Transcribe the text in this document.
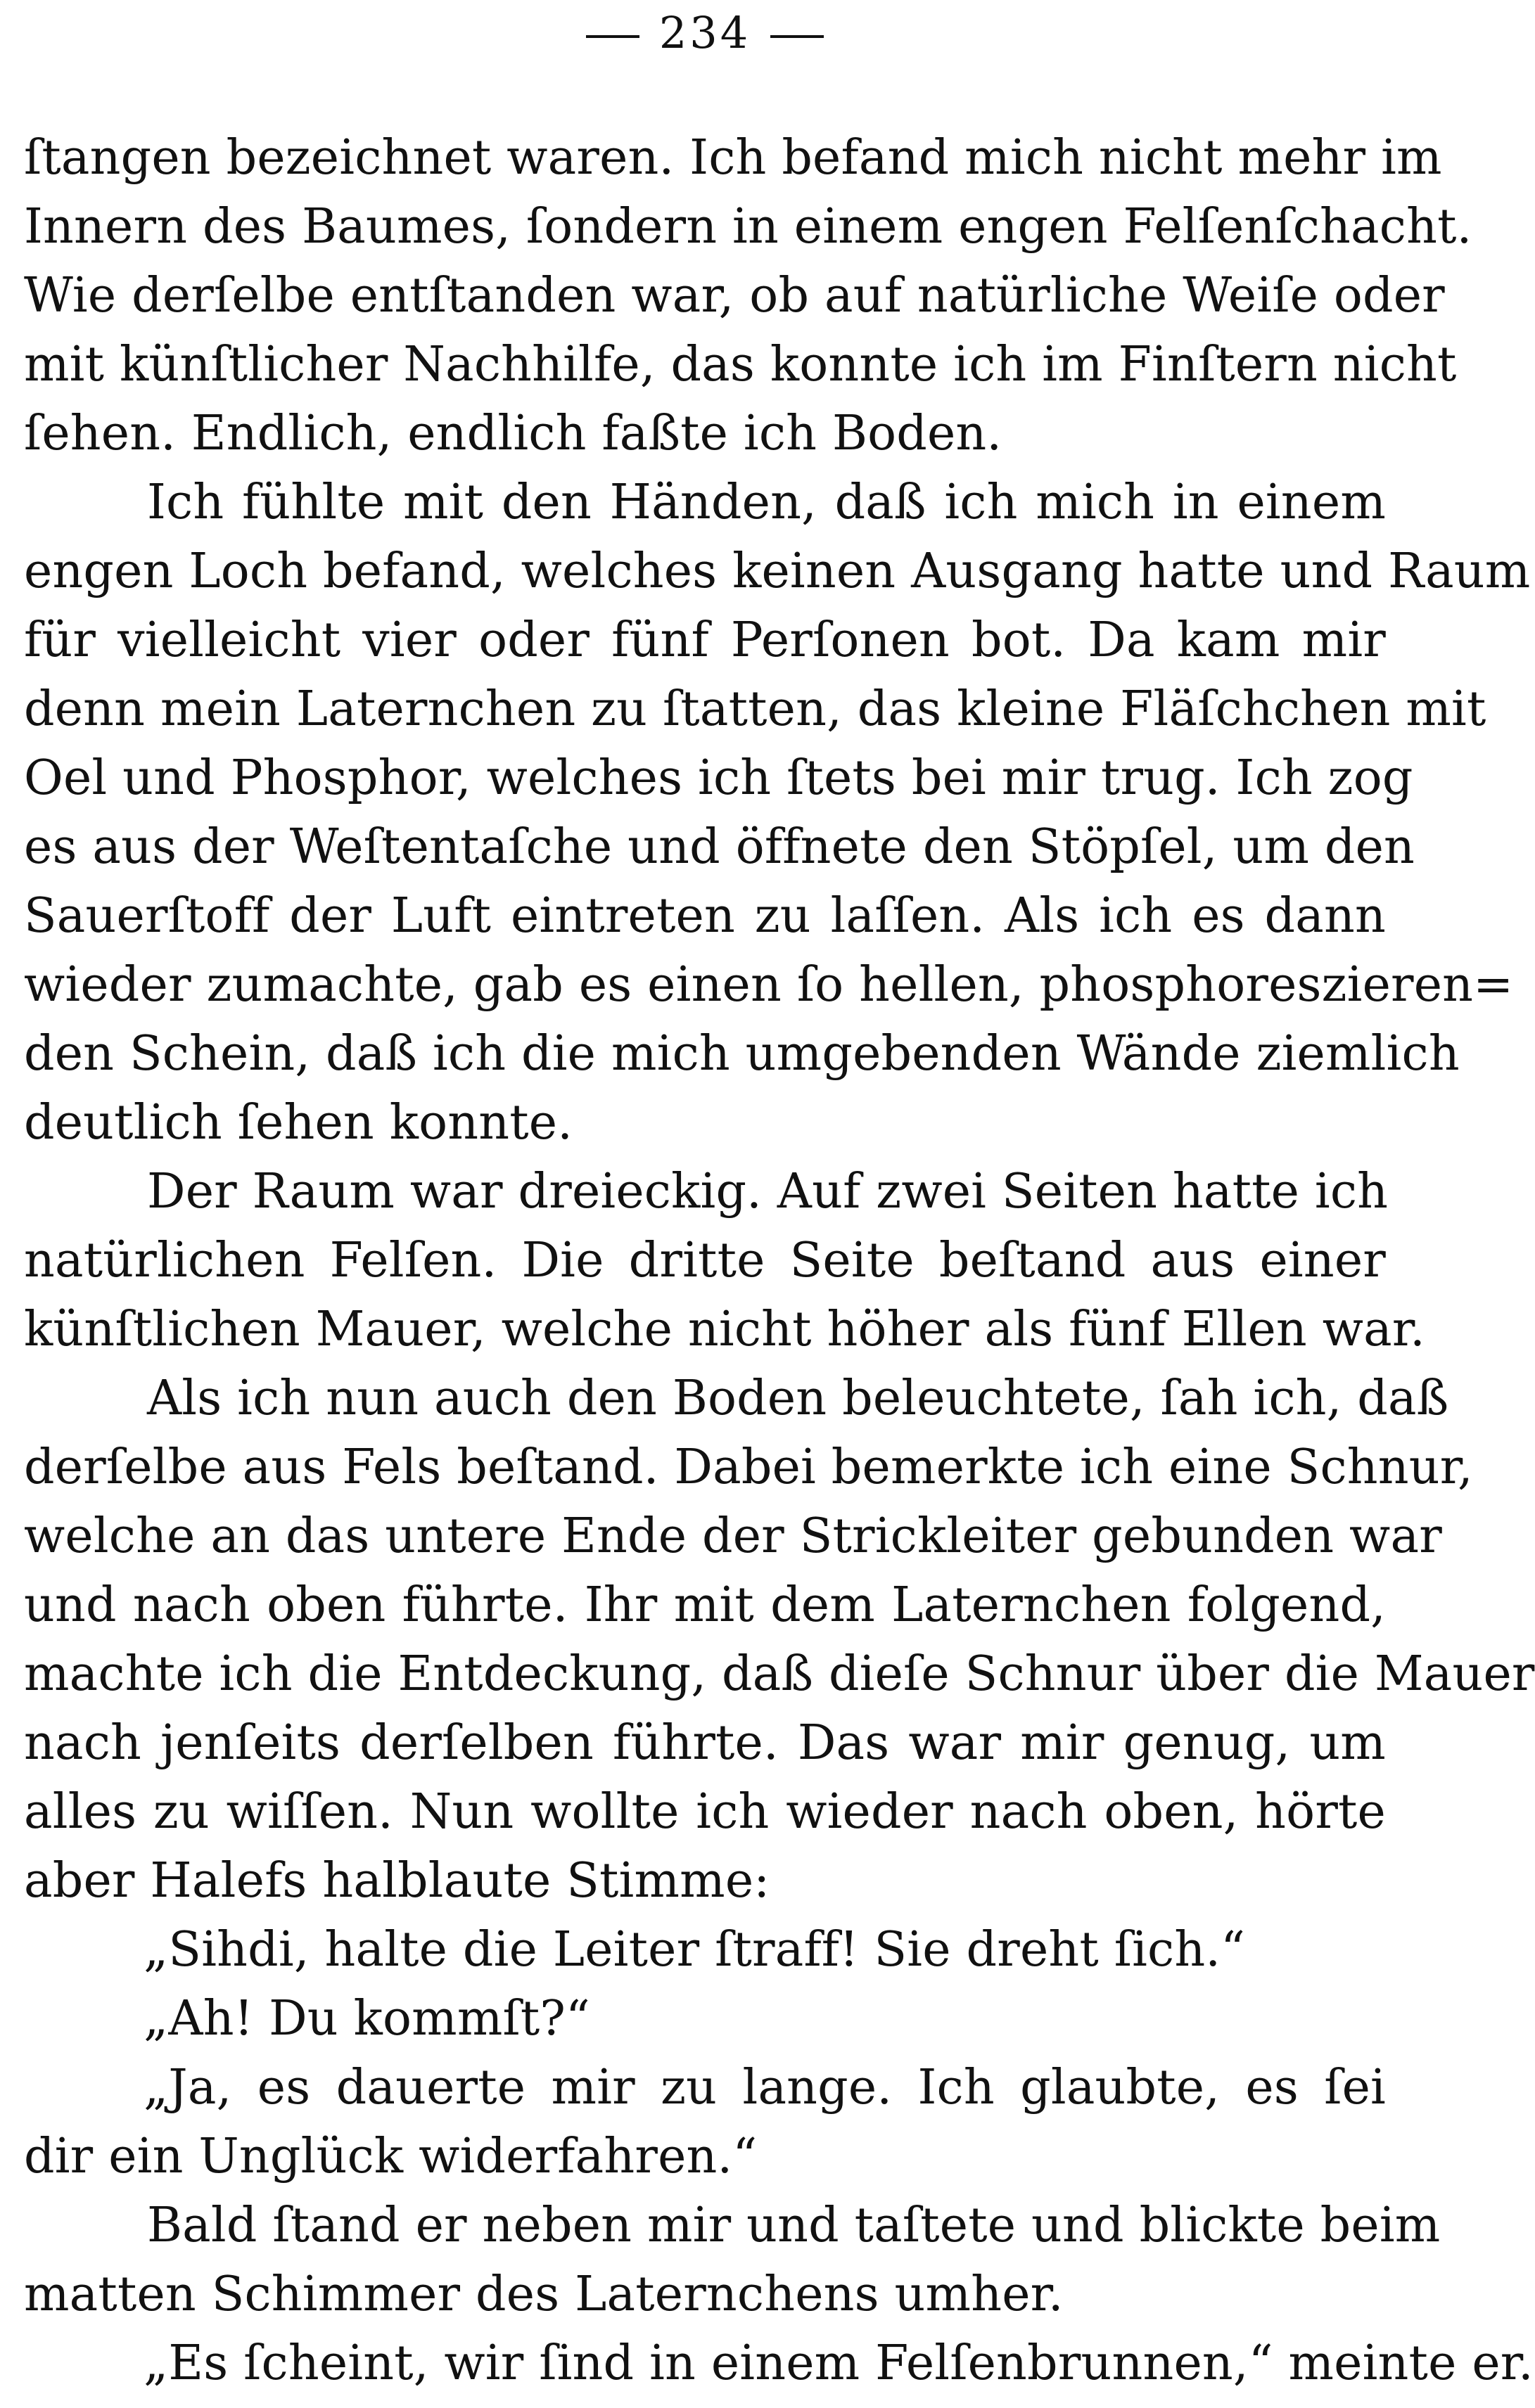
234
ſtangen bezeichnet waren. Ich befand mich nicht mehr im
Innern des Baumes, ſondern in einem engen Felſenſchacht.
Wie derſelbe entſtanden war, ob auf natürliche Weiſe oder
mit künſtlicher Nachhilfe, das konnte ich im Finſtern nicht
ſehen. Endlich, endlich faßte ich Boden.
Ich fühlte mit den Händen, daß ich mich in einem
engen Loch befand, welches keinen Ausgang hatte und Raum
für vielleicht vier oder fünf Perſonen bot. Da kam mir
denn mein Laternchen zu ſtatten, das kleine Fläſchchen mit
Oel und Phosphor, welches ich ſtets bei mir trug. Ich zog
es aus der Weſtentaſche und öffnete den Stöpſel, um den
Sauerſtoff der Luft eintreten zu laſſen. Als ich es dann
wieder zumachte, gab es einen ſo hellen, phosphoreszieren=
den Schein, daß ich die mich umgebenden Wände ziemlich
deutlich ſehen konnte.
Der Raum war dreieckig. Auf zwei Seiten hatte ich
natürlichen Felſen. Die dritte Seite beſtand aus einer
künſtlichen Mauer, welche nicht höher als fünf Ellen war.
Als ich nun auch den Boden beleuchtete, ſah ich, daß
derſelbe aus Fels beſtand. Dabei bemerkte ich eine Schnur,
welche an das untere Ende der Strickleiter gebunden war
und nach oben führte. Ihr mit dem Laternchen folgend,
machte ich die Entdeckung, daß dieſe Schnur über die Mauer
nach jenſeits derſelben führte. Das war mir genug, um
alles zu wiſſen. Nun wollte ich wieder nach oben, hörte
aber Halefs halblaute Stimme:
„Sihdi, halte die Leiter ſtraff! Sie dreht ſich.“
„Ah! Du kommſt?“
„Ja, es dauerte mir zu lange. Ich glaubte, es ſei
dir ein Unglück widerfahren.“
Bald ſtand er neben mir und taſtete und blickte beim
matten Schimmer des Laternchens umher.
„Es ſcheint, wir ſind in einem Felſenbrunnen,“ meinte er.
